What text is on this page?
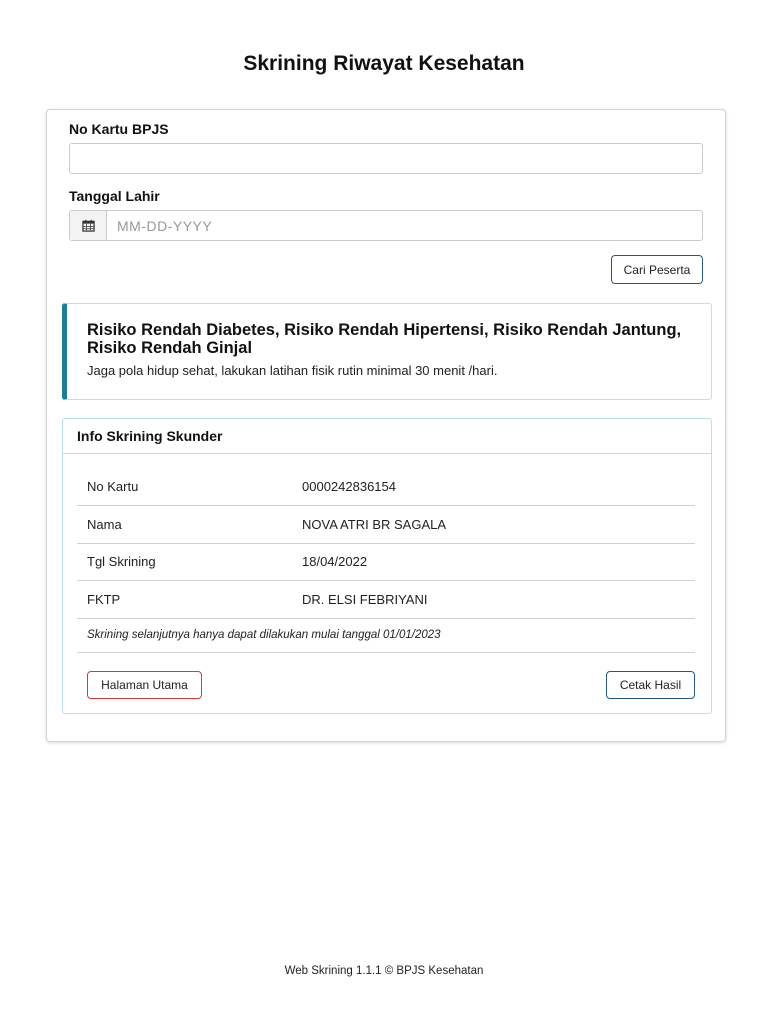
Skrining Riwayat Kesehatan
No Kartu BPJS
Tanggal Lahir
MM-DD-YYYY
Cari Peserta
Risiko Rendah Diabetes, Risiko Rendah Hipertensi, Risiko Rendah Jantung, Risiko Rendah Ginjal

Jaga pola hidup sehat, lakukan latihan fisik rutin minimal 30 menit /hari.

Info Skrining Skunder
No Kartu	0000242836154
Nama	NOVA ATRI BR SAGALA
Tgl Skrining	18/04/2022
FKTP	DR. ELSI FEBRIYANI
Skrining selanjutnya hanya dapat dilakukan mulai tanggal 01/01/2023	
Halaman Utama	Cetak Hasil
Web Skrining 1.1.1 © BPJS Kesehatan
